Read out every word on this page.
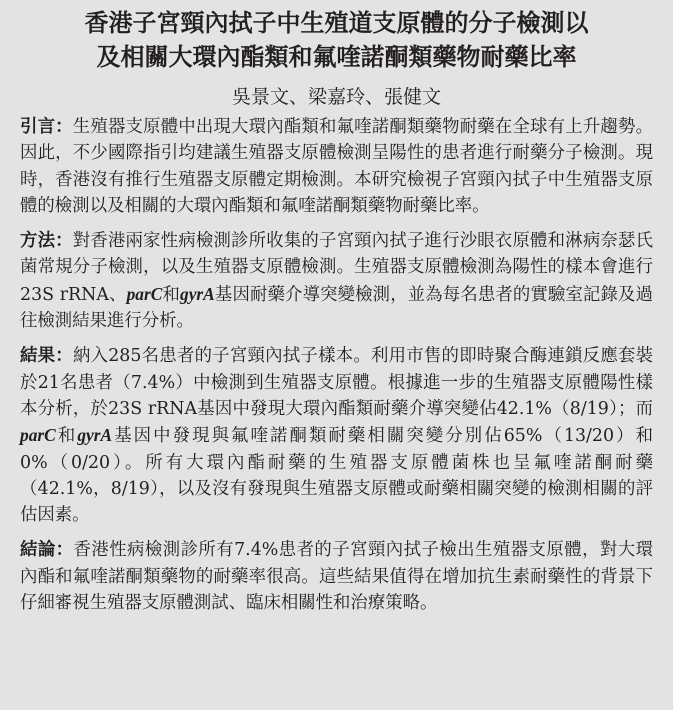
香港子宮頸內拭子中生殖道支原體的分子檢測以
及相關大環內酯類和氟喹諾酮類藥物耐藥比率
吳景文、梁嘉玲、張健文

引言：生殖器支原體中出現大環內酯類和氟喹諾酮類藥物耐藥在全球有上升趨勢。因此，不少國際指引均建議生殖器支原體檢測呈陽性的患者進行耐藥分子檢測。現時，香港沒有推行生殖器支原體定期檢測。本研究檢視子宮頸內拭子中生殖器支原體的檢測以及相關的大環內酯類和氟喹諾酮類藥物耐藥比率。

方法：對香港兩家性病檢測診所收集的子宮頸內拭子進行沙眼衣原體和淋病奈瑟氏菌常規分子檢測，以及生殖器支原體檢測。生殖器支原體檢測為陽性的樣本會進行23S rRNA、parC和gyrA基因耐藥介導突變檢測，並為每名患者的實驗室記錄及過往檢測結果進行分析。

結果：納入285名患者的子宮頸內拭子樣本。利用市售的即時聚合酶連鎖反應套裝於21名患者（7.4%）中檢測到生殖器支原體。根據進一步的生殖器支原體陽性樣本分析，於23S rRNA基因中發現大環內酯類耐藥介導突變佔42.1%（8/19）；而parC和gyrA基因中發現與氟喹諾酮類耐藥相關突變分別佔65%（13/20）和0%（0/20）。所有大環內酯耐藥的生殖器支原體菌株也呈氟喹諾酮耐藥（42.1%，8/19），以及沒有發現與生殖器支原體或耐藥相關突變的檢測相關的評估因素。

結論：香港性病檢測診所有7.4%患者的子宮頸內拭子檢出生殖器支原體，對大環內酯和氟喹諾酮類藥物的耐藥率很高。這些結果值得在增加抗生素耐藥性的背景下仔細審視生殖器支原體測試、臨床相關性和治療策略。
